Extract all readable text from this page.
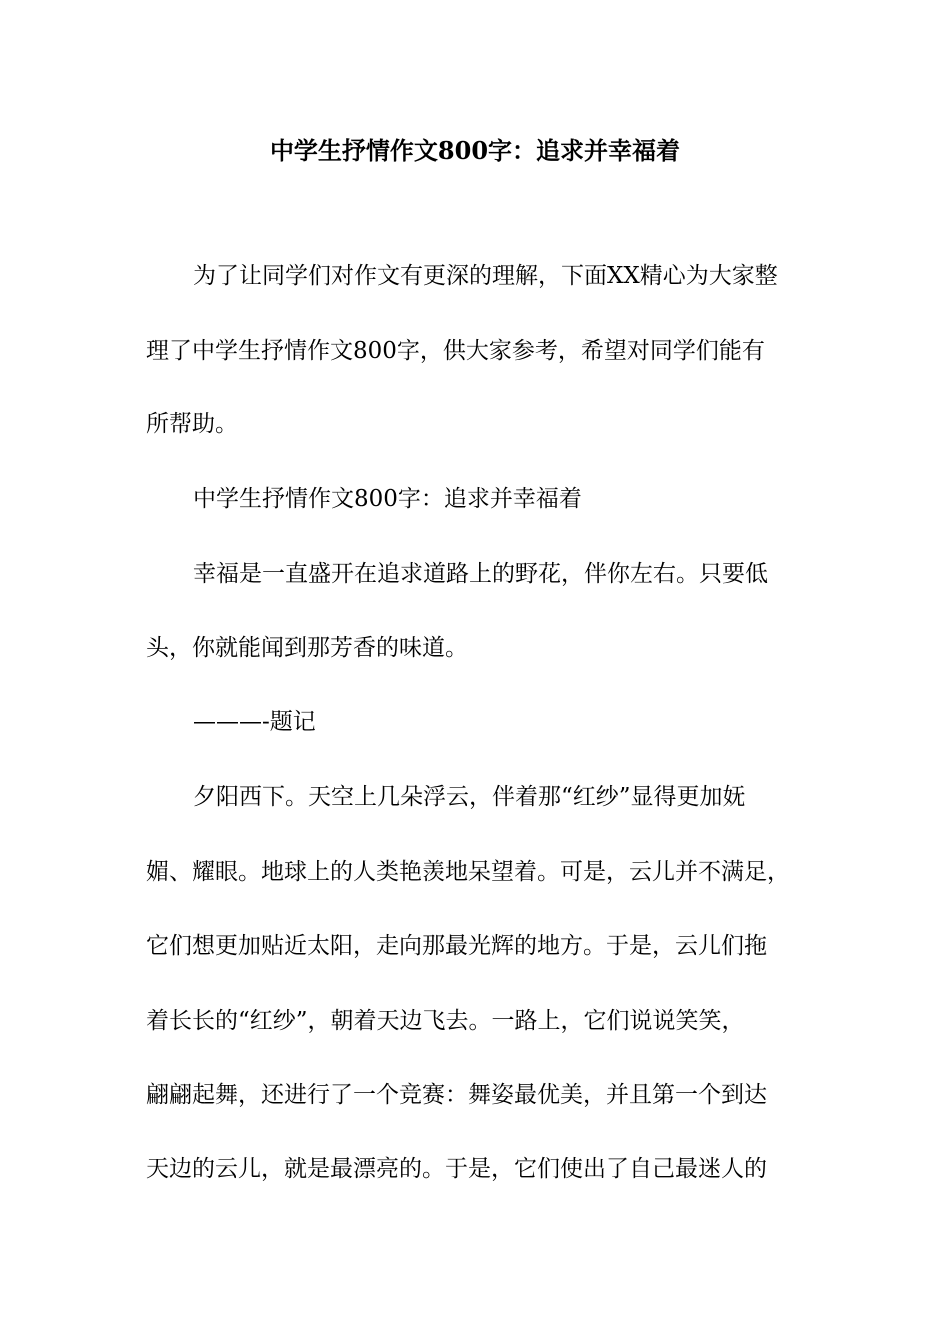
中学生抒情作文800字：追求并幸福着
为了让同学们对作文有更深的理解，下面XX精心为大家整
理了中学生抒情作文800字，供大家参考，希望对同学们能有
所帮助。
中学生抒情作文800字：追求并幸福着
幸福是一直盛开在追求道路上的野花，伴你左右。只要低
头，你就能闻到那芳香的味道。
———-题记
夕阳西下。天空上几朵浮云，伴着那“红纱”显得更加妩
媚、耀眼。地球上的人类艳羡地呆望着。可是，云儿并不满足，
它们想更加贴近太阳，走向那最光辉的地方。于是，云儿们拖
着长长的“红纱”，朝着天边飞去。一路上，它们说说笑笑，
翩翩起舞，还进行了一个竞赛：舞姿最优美，并且第一个到达
天边的云儿，就是最漂亮的。于是，它们使出了自己最迷人的
